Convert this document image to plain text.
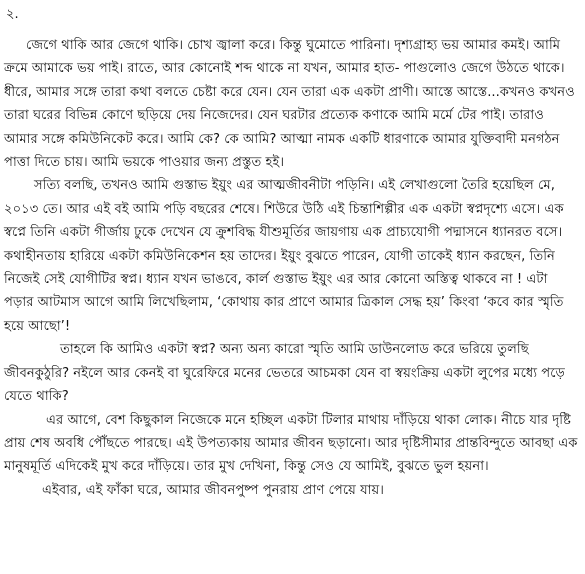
২.

জেগে থাকি আর জেগে থাকি। চোখ জ্বালা করে। কিন্তু ঘুমোতে পারিনা। দৃশ্যগ্রাহ্য ভয় আমার কমই। আমি ক্রমে আমাকে ভয় পাই। রাতে, আর কোনোই শব্দ থাকে না যখন, আমার হাত- পাগুলোও জেগে উঠতে থাকে। ধীরে, আমার সঙ্গে তারা কথা বলতে চেষ্টা করে যেন। যেন তারা এক একটা প্রাণী। আস্তে আস্তে...কখনও কখনও তারা ঘরের বিভিন্ন কোণে ছড়িয়ে দেয় নিজেদের। যেন ঘরটার প্রত্যেক কণাকে আমি মর্মে টের পাই। তারাও আমার সঙ্গে কমিউনিকেট করে। আমি কে? কে আমি? আত্মা নামক একটি ধারণাকে আমার যুক্তিবাদী মনগঠন পাত্তা দিতে চায়। আমি ভয়কে পাওয়ার জন্য প্রস্তুত হই।

সত্যি বলছি, তখনও আমি গুস্তাভ ইয়ুং এর আত্মজীবনীটা পড়িনি। এই লেখাগুলো তৈরি হয়েছিল মে, ২০১৩ তে। আর এই বই আমি পড়ি বছরের শেষে। শিউরে উঠি এই চিন্তাশিল্পীর এক একটা স্বপ্নদৃশ্যে এসে। এক স্বপ্নে তিনি একটা গীর্জায় ঢুকে দেখেন যে ক্রুশবিদ্ধ যীশুমূর্তির জায়গায় এক প্রাচ্যযোগী পদ্মাসনে ধ্যানরত বসে। কথাহীনতায় হারিয়ে একটা কমিউনিকেশন হয় তাদের। ইয়ুং বুঝতে পারেন, যোগী তাকেই ধ্যান করছেন, তিনি নিজেই সেই যোগীটির স্বপ্ন। ধ্যান যখন ভাঙবে, কার্ল গুস্তাভ ইয়ুং এর আর কোনো অস্তিত্ব থাকবে না ! এটা পড়ার আটমাস আগে আমি লিখেছিলাম, ‘কোথায় কার প্রাণে আমার ত্রিকাল সেদ্ধ হয়’ কিংবা ‘কবে কার স্মৃতি হয়ে আছো’!

তাহলে কি আমিও একটা স্বপ্ন? অন্য অন্য কারো স্মৃতি আমি ডাউনলোড করে ভরিয়ে তুলছি জীবনকুঠুরি? নইলে আর কেনই বা ঘুরেফিরে মনের ভেতরে আচমকা যেন বা স্বয়ংক্রিয় একটা লুপের মধ্যে পড়ে যেতে থাকি?

এর আগে, বেশ কিছুকাল নিজেকে মনে হচ্ছিল একটা টিলার মাথায় দাঁড়িয়ে থাকা লোক। নীচে যার দৃষ্টি প্রায় শেষ অবধি পৌঁছতে পারছে। এই উপত্যকায় আমার জীবন ছড়ানো। আর দৃষ্টিসীমার প্রান্তবিন্দুতে আবছা এক মানুষমূর্তি এদিকেই মুখ করে দাঁড়িয়ে। তার মুখ দেখিনা, কিন্তু সেও যে আমিই, বুঝতে ভুল হয়না।

এইবার, এই ফাঁকা ঘরে, আমার জীবনপুষ্প পুনরায় প্রাণ পেয়ে যায়।
